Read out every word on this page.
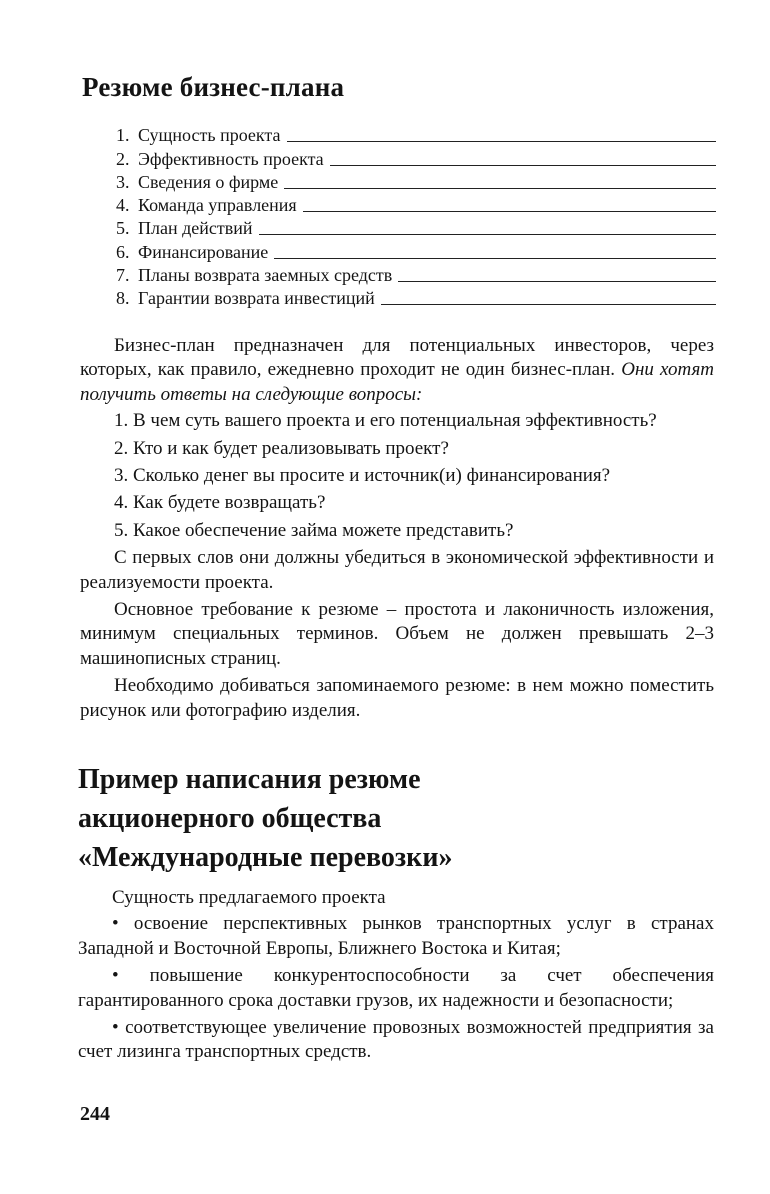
Резюме бизнес-плана
1. Сущность проекта
2. Эффективность проекта
3. Сведения о фирме
4. Команда управления
5. План действий
6. Финансирование
7. Планы возврата заемных средств
8. Гарантии возврата инвестиций

Бизнес-план предназначен для потенциальных инвесторов, через которых, как правило, ежедневно проходит не один бизнес-план. Они хотят получить ответы на следующие вопросы:

1. В чем суть вашего проекта и его потенциальная эффективность?

2. Кто и как будет реализовывать проект?

3. Сколько денег вы просите и источник(и) финансирования?

4. Как будете возвращать?

5. Какое обеспечение займа можете представить?

С первых слов они должны убедиться в экономической эффективности и реализуемости проекта.

Основное требование к резюме – простота и лаконичность изложения, минимум специальных терминов. Объем не должен превышать 2–3 машинописных страниц.

Необходимо добиваться запоминаемого резюме: в нем можно поместить рисунок или фотографию изделия.

Пример написания резюме
акционерного общества
«Международные перевозки»

Сущность предлагаемого проекта

• освоение перспективных рынков транспортных услуг в странах Западной и Восточной Европы, Ближнего Востока и Китая;

• повышение конкурентоспособности за счет обеспечения гарантированного срока доставки грузов, их надежности и безопасности;

• соответствующее увеличение провозных возможностей предприятия за счет лизинга транспортных средств.

244
